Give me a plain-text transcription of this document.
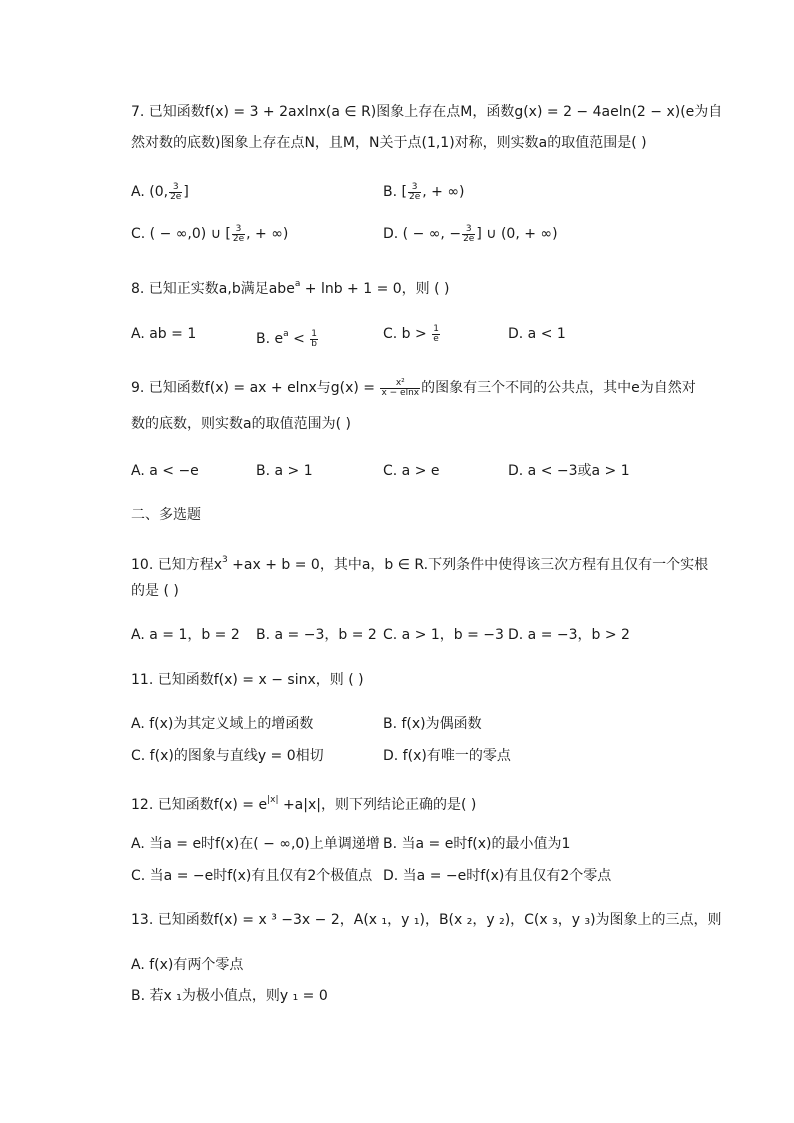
7. 已知函数f(x) = 3 + 2axlnx(a ∈ R)图象上存在点M，函数g(x) = 2 − 4aeln(2 − x)(e为自
然对数的底数)图象上存在点N，且M，N关于点(1,1)对称，则实数a的取值范围是( )
A. (0, $\frac{3}{2e}$ ]	B. [ $\frac{3}{2e}$ , + ∞)
C. ( − ∞,0) ∪ [ $\frac{3}{2e}$ , + ∞)	D. ( − ∞, − $\frac{3}{2e}$ ] ∪ (0, + ∞)
8. 已知正实数a,b满足abe$^a$ + lnb + 1 = 0，则 ( )
A. ab = 1	B. $e^a < \frac{1}{b}$	C. $b > \frac{1}{e}$	D. a < 1
9. 已知函数f(x) = ax + elnx与$g(x) = \frac{\text{x²}}{x - elnx}$ 的图象有三个不同的公共点，其中e为自然对
数的底数，则实数a的取值范围为( )
A. a < −e	B. a > 1	C. a > e	D. a < −3或a > 1
二、多选题
10. 已知方程$x^3 +ax + b = 0$，其中a，b ∈ R.下列条件中使得该三次方程有且仅有一个实根
的是 ( )
A. a = 1，b = 2 B. a = −3，b = 2 C. a > 1，b = −3 D. a = −3，b > 2
11. 已知函数f(x) = x − sinx，则 ( )
A. f(x)为其定义域上的增函数	B. f(x)为偶函数
C. f(x)的图象与直线y = 0相切	D. f(x)有唯一的零点
12. 已知函数$f(x) = e^{|x|} +a|x|$，则下列结论正确的是( )
A. 当a = e时f(x)在( − ∞,0)上单调递增 B. 当a = e时f(x)的最小值为1
C. 当a = −e时f(x)有且仅有2个极值点 D. 当a = −e时f(x)有且仅有2个零点
13. 已知函数f(x) = x ³ −3x − 2，A(x ₁，y ₁)，B(x ₂，y ₂)，C(x ₃，y ₃)为图象上的三点，则
A. f(x)有两个零点
B. 若x ₁为极小值点，则y ₁ = 0
